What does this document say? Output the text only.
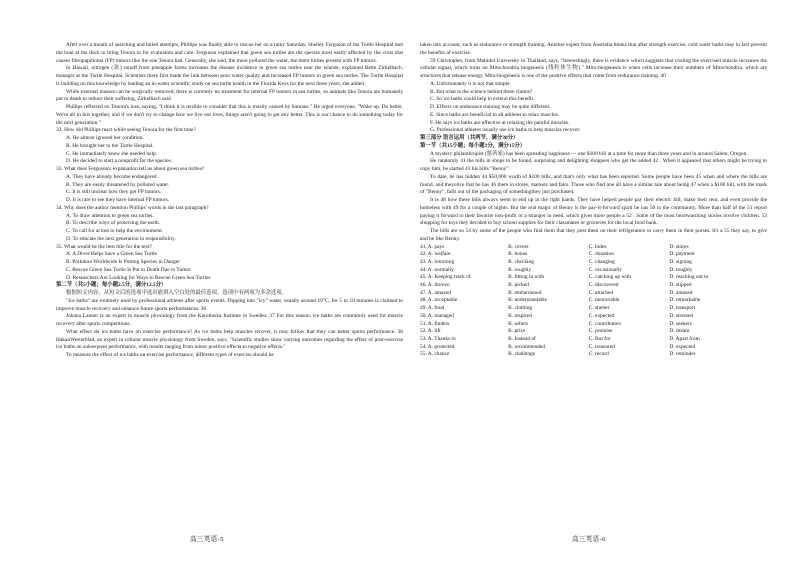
After over a month of searching and failed attempts, Phillips was finally able to rescue her on a rainy Saturday. Shelley Ferguson of the Turtle Hospital met the boat at the dock to bring Tenora in for evaluation and care. Ferguson explained that green sea turtles are the species most easily affected by the virus that causes fibropapilloma (FP) tumors like the one Tenora had. Generally, she said, the more polluted the water, the more turtles present with FP tumors.

In Hawaii, nitrogen (氮) runoff from pineapple farms increases the disease incidence in green sea turtles near the islands, explained Bette Zirkelbach, manager at the Turtle Hospital. Scientists there first made the link between poor water quality and increased FP tumors in green sea turtles. The Turtle Hospital is building on this knowledge by leading an in-water scientific study on sea turtle health in the Florida Keys for the next three years, she added.

While external masses can be surgically removed, there is currently no treatment for internal FP tumors in sea turtles, so animals like Tenora are humanely put to death to reduce their suffering, Zirkelbach said.

Phillips reflected on Tenora's loss, saying, "I think it is terrible to consider that this is mostly caused by humans." He urged everyone, "Wake up. Do better. We're all in this together, and if we don't try to change how we live our lives, things aren't going to get any better. This is our chance to do something today for the next generation."

32. How did Phillips react while seeing Tenora for the first time?

A. He almost ignored her condition.

B. He brought her to the Turtle Hospital.

C. He immediately knew she needed help.

D. He decided to start a nonprofit for the species.

33. What does Ferguson's explanation tell us about green sea turtles?

A. They have already become endangered.

B. They are easily threatened by polluted water.

C. It is still unclear how they get FP tumors.

D. It is rare to see they have internal FP tumors.

34. Why does the author mention Phillips' words in the last paragraph?

A. To draw attention to green sea turtles.

B. To describe ways of protecting the earth.

C. To call for action to help the environment.

D. To educate the next generation in responsibility.

35. What would be the best title for the text?

A. A Diver Helps Save a Green Sea Turtle

B. Pollution Worldwide Is Putting Species in Danger

C. Rescue Green Sea Turtle Is Put to Death Due to Tumor

D. Researchers Are Looking for Ways to Rescue Green Sea Turtles

第二节（共5小题；每小题2.5分，满分12.5分）

根据短文内容，从短文后的选项中选出能填入空白处的最佳选项。选项中有两项为多余选项。

"Ice baths" are routinely used by professional athletes after sports events. Dipping into "icy" water, usually around 10°C, for 5 to 10 minutes is claimed to improve muscle recovery and enhance future sports performances. 36

Johana Lanner is an expert in muscle physiology from the Karolinska Institute in Sweden. 37 For this reason, ice baths are commonly used for muscle recovery after sports competitions.

What effect do ice baths have on exercise performance? As ice baths help muscles recover, it may follow that they can better sports performance. 38 HakanWesterblad, an expert in cellular muscle physiology from Sweden, says, "Scientific studies show varying outcomes regarding the effect of post-exercise ice baths on subsequent performance, with results ranging from minor positive effects to negative effects."

To measure the effect of ice baths on exercise performance, different types of exercise should be

taken into account, such as endurance or strength training. Another expert from Australia thinks that after strength exercise, cold water baths may in fact prevent the benefits of exercise.

39 Christopher, from Mahidol University in Thailand, says, "Interestingly, there is evidence which suggests that cooling the exercised muscle increases the cellular signal, which turns on Mitochondria biogenesis (线粒体生物)." Mito-biogenesis is when cells increase their numbers of Mitochondria, which are structures that release energy. Mito-biogenesis is one of the positive effects that come from endurance training. 40

A. Unfortunately it is not that simple.

B. But what is the science behind these claims?

C. So ice baths could help to extend this benefit.

D. Effects on endurance training may be quite different.

E. Since baths are beneficial to all athletes to relax muscles.

F. He says ice baths are effective at relaxing the painful muscles.

G. Professional athletes usually use ice baths to help muscles recover.

第三部分 语言运用（共两节，满分30分）

第一节（共15小题；每小题1分，满分15分）

A mystery philanthropist (慈善家) has been spreading happiness — one $100 bill at a time for more than three years and in around Salem, Oregon.

He randomly 41 the bills in shops to be found, surprising and delighting shoppers who get the added 42 . When it appeared that others might be trying to copy him, he started 43 his bills "Benny".

To date, he has hidden 44 $50,000 worth of $100 bills, and that's only what has been reported. Some people have been 45 when and where the bills are found, and theyotice that he has 46 them in stores, markets and fairs. Those who find one all have a similar tale about being 47 when a $100 bill, with the mark of "Benny", falls out of the packaging of somethingthey just purchased.

It is 48 how these bills always seem to end up in the right hands. They have helped people pay their electric bill, make their rent, and even provide the homeless with 49 for a couple of nights. But the real magic of Benny is the pay-it-forward spirit he has 50 in the community. More than half of the 51 report paying it forward to their favorite non-profit or a stranger in need, which gives more people a 52 . Some of the most heartwarming stories involve children. 53 shopping for toys they decided to buy school supplies for their classmates or groceries for the local food bank.

The bills are so 54 by some of the people who find them that they post them on their refrigerators or carry them in their purses. It's a 55 they say, to give and be like Benny.

41. A. pays	B. covers	C. hides	D. stores
42. A. welfare	B. bonus	C. donation	D. payment
43. A. returning	B. checking	C. changing	D. signing
44. A. normally	B. roughly	C. occasionally	D. toughly
45. A. Keeping track of	B. fitting in with	C. catching up with	D. reaching out to
46. A. thrown	B. picked	C. discovered	D. slipped
47. A. amazed	B. embarrassed	C. attached	D. amused
48. A. acceptable	B. understandable	C. memorable	D. remarkable
49. A. food	B. clothing	C. shelter	D. transport
50. A. managed	B. inspired	C. expected	D. stressed
51. A. finders	B. sellers	C. contributors	D. seekers
52. A. lift	B. prize	C. promise	D. dream
53. A. Thanks to	B. Instead of	C. But for	D. Apart from
54. A. protected	B. recommended	C. treasured	D. expected
55. A. chance	B. challenge	C. record	D. reminder
高三英语-5	高三英语-6
